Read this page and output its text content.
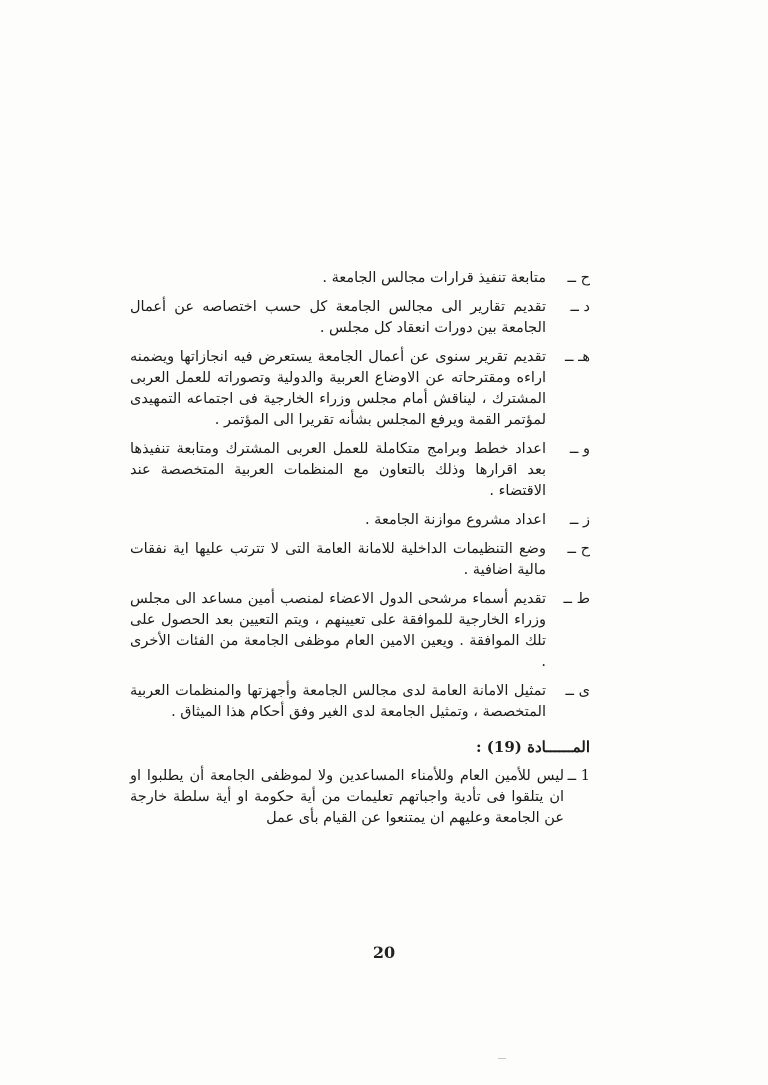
ح ــ
متابعة تنفيذ قرارات مجالس الجامعة .
د ــ
تقديم تقارير الى مجالس الجامعة كل حسب اختصاصه عن أعمال الجامعة بين دورات انعقاد كل مجلس .
هـ ــ
تقديم تقرير سنوى عن أعمال الجامعة يستعرض فيه انجازاتها ويضمنه اراءه ومقترحاته عن الاوضاع العربية والدولية وتصوراته للعمل العربى المشترك ، ليناقش أمام مجلس وزراء الخارجية فى اجتماعه التمهيدى لمؤتمر القمة ويرفع المجلس بشأنه تقريرا الى المؤتمر .
و ــ
اعداد خطط وبرامج متكاملة للعمل العربى المشترك ومتابعة تنفيذها بعد اقرارها وذلك بالتعاون مع المنظمات العربية المتخصصة عند الاقتضاء .
ز ــ
اعداد مشروع موازنة الجامعة .
ح ــ
وضع التنظيمات الداخلية للامانة العامة التى لا تترتب عليها اية نفقات مالية اضافية .
ط ــ
تقديم أسماء مرشحى الدول الاعضاء لمنصب أمين مساعد الى مجلس وزراء الخارجية للموافقة على تعيينهم ، ويتم التعيين بعد الحصول على تلك الموافقة . ويعين الامين العام موظفى الجامعة من الفئات الأخرى .
ى ــ
تمثيل الامانة العامة لدى مجالس الجامعة وأجهزتها والمنظمات العربية المتخصصة ، وتمثيل الجامعة لدى الغير وفق أحكام هذا الميثاق .
المــــــادة (19) :
1 ــ
ليس للأمين العام وللأمناء المساعدين ولا لموظفى الجامعة أن يطلبوا او ان يتلقوا فى تأدية واجباتهم تعليمات من أية حكومة او أية سلطة خارجة عن الجامعة وعليهم ان يمتنعوا عن القيام بأى عمل
20
